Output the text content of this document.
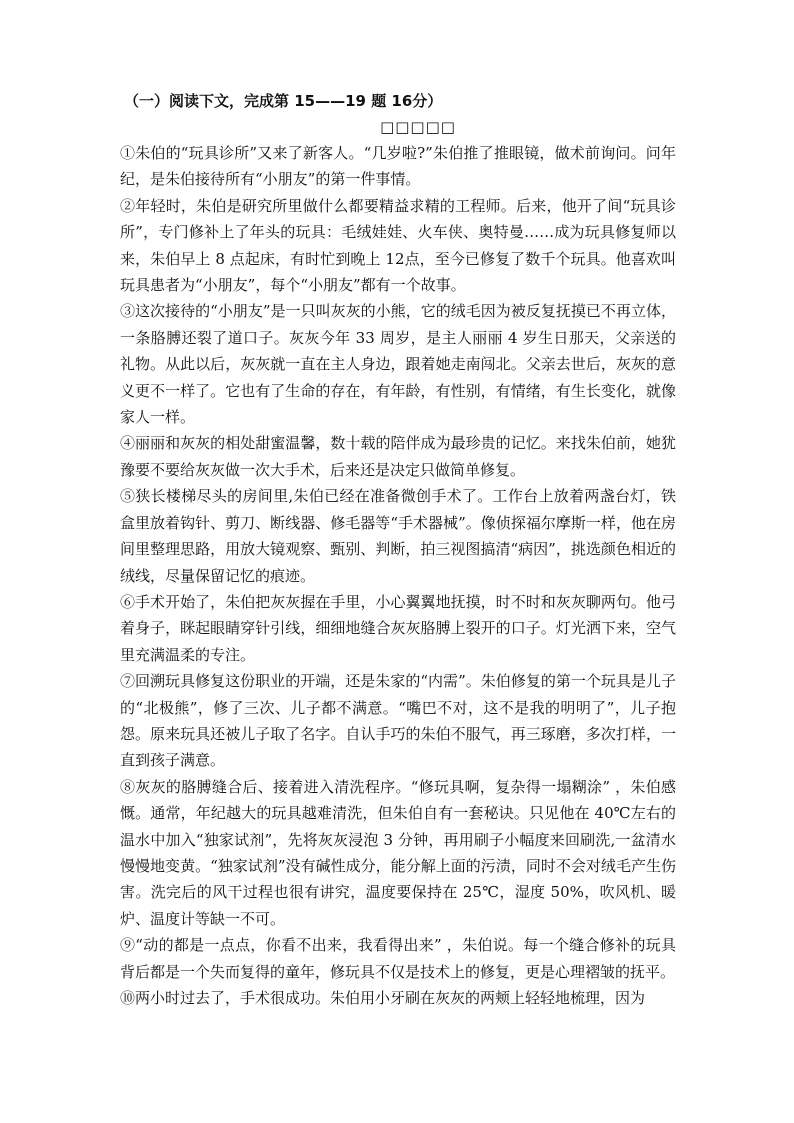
（一）阅读下文，完成第 15——19 题 16分）
□□□□□

①朱伯的“玩具诊所”又来了新客人。“几岁啦?”朱伯推了推眼镜，做术前询问。问年纪，是朱伯接待所有“小朋友”的第一件事情。

②年轻时，朱伯是研究所里做什么都要精益求精的工程师。后来，他开了间“玩具诊所”，专门修补上了年头的玩具：毛绒娃娃、火车侠、奥特曼……成为玩具修复师以来，朱伯早上 8 点起床，有时忙到晚上 12点，至今已修复了数千个玩具。他喜欢叫玩具患者为“小朋友”，每个“小朋友”都有一个故事。

③这次接待的“小朋友”是一只叫灰灰的小熊，它的绒毛因为被反复抚摸已不再立体，一条胳膊还裂了道口子。灰灰今年 33 周岁，是主人丽丽 4 岁生日那天，父亲送的礼物。从此以后，灰灰就一直在主人身边，跟着她走南闯北。父亲去世后，灰灰的意义更不一样了。它也有了生命的存在，有年龄，有性别，有情绪，有生长变化，就像家人一样。

④丽丽和灰灰的相处甜蜜温馨，数十载的陪伴成为最珍贵的记忆。来找朱伯前，她犹豫要不要给灰灰做一次大手术，后来还是决定只做简单修复。

⑤狭长楼梯尽头的房间里,朱伯已经在准备微创手术了。工作台上放着两盏台灯，铁盒里放着钩针、剪刀、断线器、修毛器等“手术器械”。像侦探福尔摩斯一样，他在房间里整理思路，用放大镜观察、甄别、判断，拍三视图搞清“病因”，挑选颜色相近的绒线，尽量保留记忆的痕迹。

⑥手术开始了，朱伯把灰灰握在手里，小心翼翼地抚摸，时不时和灰灰聊两句。他弓着身子，眯起眼睛穿针引线，细细地缝合灰灰胳膊上裂开的口子。灯光洒下来，空气里充满温柔的专注。

⑦回溯玩具修复这份职业的开端，还是朱家的“内需”。朱伯修复的第一个玩具是儿子的“北极熊”，修了三次、儿子都不满意。“嘴巴不对，这不是我的明明了”，儿子抱怨。原来玩具还被儿子取了名字。自认手巧的朱伯不服气，再三琢磨，多次打样，一直到孩子满意。

⑧灰灰的胳膊缝合后、接着进入清洗程序。“修玩具啊，复杂得一塌糊涂” ，朱伯感慨。通常，年纪越大的玩具越难清洗，但朱伯自有一套秘诀。只见他在 40℃左右的温水中加入“独家试剂”，先将灰灰浸泡 3 分钟，再用刷子小幅度来回刷洗,一盆清水慢慢地变黄。“独家试剂”没有碱性成分，能分解上面的污渍，同时不会对绒毛产生伤害。洗完后的风干过程也很有讲究，温度要保持在 25℃，湿度 50%，吹风机、暖炉、温度计等缺一不可。

⑨“动的都是一点点，你看不出来，我看得出来” ，朱伯说。每一个缝合修补的玩具背后都是一个失而复得的童年，修玩具不仅是技术上的修复，更是心理褶皱的抚平。

⑩两小时过去了，手术很成功。朱伯用小牙刷在灰灰的两颊上轻轻地梳理，因为
